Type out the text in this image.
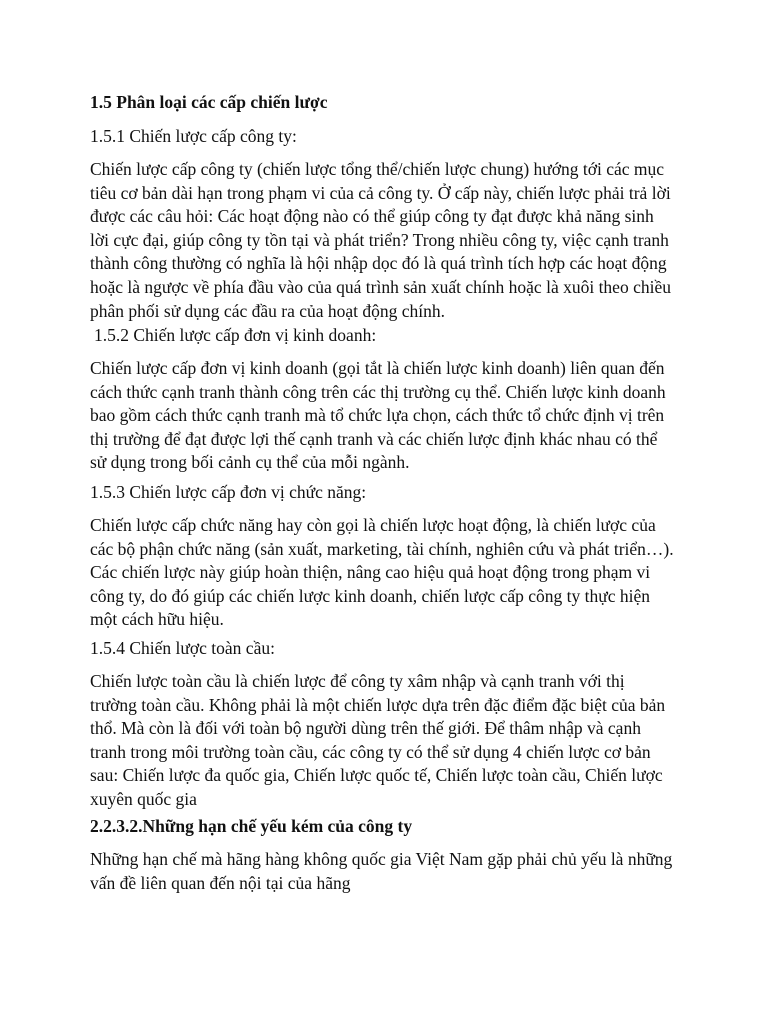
1.5 Phân loại các cấp chiến lược

1.5.1 Chiến lược cấp công ty:

Chiến lược cấp công ty (chiến lược tổng thể/chiến lược chung) hướng tới các mục
tiêu cơ bản dài hạn trong phạm vi của cả công ty. Ở cấp này, chiến lược phải trả lời
được các câu hỏi: Các hoạt động nào có thể giúp công ty đạt được khả năng sinh
lời cực đại, giúp công ty tồn tại và phát triển? Trong nhiều công ty, việc cạnh tranh
thành công thường có nghĩa là hội nhập dọc đó là quá trình tích hợp các hoạt động
hoặc là ngược về phía đầu vào của quá trình sản xuất chính hoặc là xuôi theo chiều
phân phối sử dụng các đầu ra của hoạt động chính.

1.5.2 Chiến lược cấp đơn vị kinh doanh:

Chiến lược cấp đơn vị kinh doanh (gọi tắt là chiến lược kinh doanh) liên quan đến
cách thức cạnh tranh thành công trên các thị trường cụ thể. Chiến lược kinh doanh
bao gồm cách thức cạnh tranh mà tổ chức lựa chọn, cách thức tổ chức định vị trên
thị trường để đạt được lợi thế cạnh tranh và các chiến lược định khác nhau có thể
sử dụng trong bối cảnh cụ thể của mỗi ngành.

1.5.3 Chiến lược cấp đơn vị chức năng:

Chiến lược cấp chức năng hay còn gọi là chiến lược hoạt động, là chiến lược của
các bộ phận chức năng (sản xuất, marketing, tài chính, nghiên cứu và phát triển…).
Các chiến lược này giúp hoàn thiện, nâng cao hiệu quả hoạt động trong phạm vi
công ty, do đó giúp các chiến lược kinh doanh, chiến lược cấp công ty thực hiện
một cách hữu hiệu.

1.5.4 Chiến lược toàn cầu:

Chiến lược toàn cầu là chiến lược để công ty xâm nhập và cạnh tranh với thị
trường toàn cầu. Không phải là một chiến lược dựa trên đặc điểm đặc biệt của bản
thổ. Mà còn là đối với toàn bộ người dùng trên thế giới. Để thâm nhập và cạnh
tranh trong môi trường toàn cầu, các công ty có thể sử dụng 4 chiến lược cơ bản
sau: Chiến lược đa quốc gia, Chiến lược quốc tế, Chiến lược toàn cầu, Chiến lược
xuyên quốc gia

2.2.3.2.Những hạn chế yếu kém của công ty

Những hạn chế mà hãng hàng không quốc gia Việt Nam gặp phải chủ yếu là những
vấn đề liên quan đến nội tại của hãng
